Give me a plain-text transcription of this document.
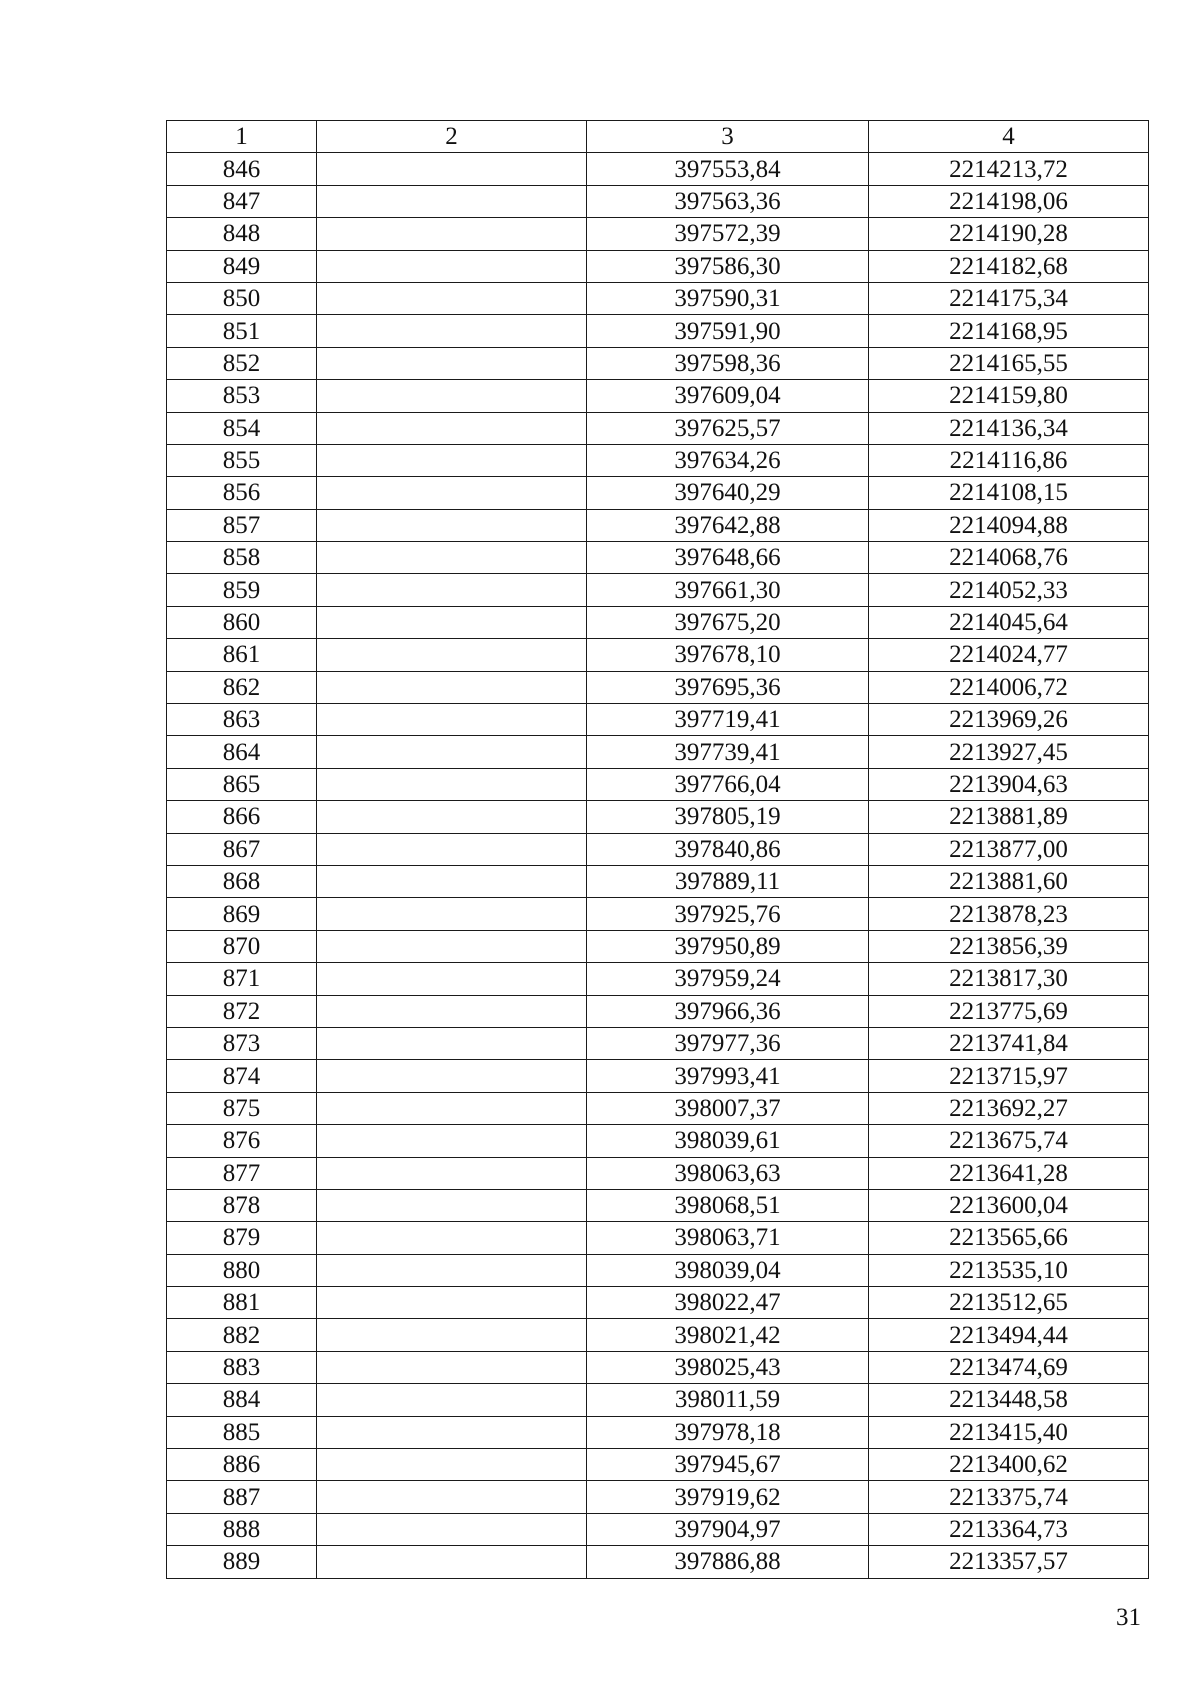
1	2	3	4
846		397553,84	2214213,72
847		397563,36	2214198,06
848		397572,39	2214190,28
849		397586,30	2214182,68
850		397590,31	2214175,34
851		397591,90	2214168,95
852		397598,36	2214165,55
853		397609,04	2214159,80
854		397625,57	2214136,34
855		397634,26	2214116,86
856		397640,29	2214108,15
857		397642,88	2214094,88
858		397648,66	2214068,76
859		397661,30	2214052,33
860		397675,20	2214045,64
861		397678,10	2214024,77
862		397695,36	2214006,72
863		397719,41	2213969,26
864		397739,41	2213927,45
865		397766,04	2213904,63
866		397805,19	2213881,89
867		397840,86	2213877,00
868		397889,11	2213881,60
869		397925,76	2213878,23
870		397950,89	2213856,39
871		397959,24	2213817,30
872		397966,36	2213775,69
873		397977,36	2213741,84
874		397993,41	2213715,97
875		398007,37	2213692,27
876		398039,61	2213675,74
877		398063,63	2213641,28
878		398068,51	2213600,04
879		398063,71	2213565,66
880		398039,04	2213535,10
881		398022,47	2213512,65
882		398021,42	2213494,44
883		398025,43	2213474,69
884		398011,59	2213448,58
885		397978,18	2213415,40
886		397945,67	2213400,62
887		397919,62	2213375,74
888		397904,97	2213364,73
889		397886,88	2213357,57
31
